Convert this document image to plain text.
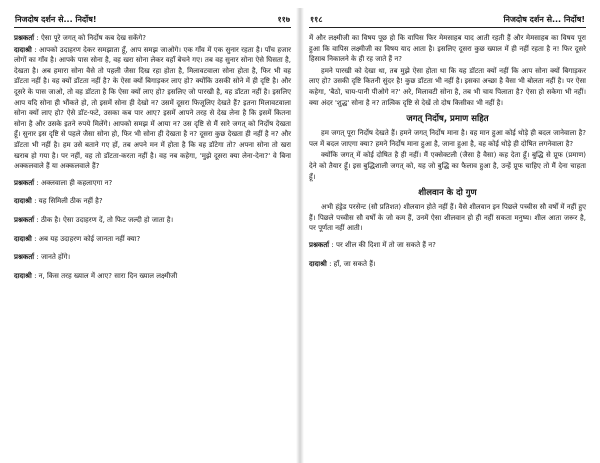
निजदोष दर्शन से... निर्दोष!	११७

प्रश्नकर्ता : ऐसा पूरे जगत् को निर्दोष कब देख सकेंगे?

दादाश्री : आपको उदाहरण देकर समझाता हूँ, आप समझ जाओगे। एक गाँव में एक सुनार रहता है। पाँच हजार लोगों का गाँव है। आपके पास सोना है, वह खरा सोना लेकर वहाँ बेचने गए। तब वह सुनार सोना ऐसे घिसता है, देखता है। अब हमारा सोना वैसे तो पहली जैसा दिख रहा होता है, मिलावटवाला सोना होता है, फिर भी वह डॉटता नहीं है। वह क्यों डॉटता नहीं है? के ऐसा क्यों बिगाड़कर लाए हो? क्योंकि उसकी सोने में ही दृष्टि है। और दूसरे के पास जाओ, तो वह डॉटता है कि ऐसा क्यों लाए हो? इसलिए जो पारखी है, वह डॉटता नहीं है। इसलिए आप यदि सोना ही भौंकते हो, तो इसमें सोना ही देखो न? उसमें दूसरा फिजूलिए देखते हैं? इतना मिलावटवाला सोना क्यों लाए हो? ऐसे डॉट-फटे, उसका कब पार आए? इसमें आपने तरह से देख लेना है कि इसमें कितना सोना है और उसके इतने रुपये मिलेंगे। आपको समझ में आया न? उस दृष्टि से मैं सारे जगत् को निर्दोष देखता हूँ। सुनार इस दृष्टि से पहले जैसा सोना हो, फिर भी सोना ही देखता है न? दूसरा कुछ देखता ही नहीं है न? और डॉटता भी नहीं है। हम उसे बताने गए हों, तब अपने मन में होता है कि वह डॉटेगा तो? अपना सोना तो खरा खराब हो गया है। पर नहीं, वह तो डॉटता-करता नहीं है। वह नब कहेगा, 'मुझे दूसरा क्या लेना-देना?' वे बिना अक्कलवाले हैं या अक्कलवाले हैं?

प्रश्नकर्ता : अक्लवाला ही कहलाएगा न?

दादाश्री : यह सिमिली ठीक नहीं है?

प्रश्नकर्ता : ठीक है। ऐसा उदाहरण दें, तो फिट जल्दी हो जाता है।

दादाश्री : अब यह उदाहरण कोई जानता नहीं क्या?

प्रश्नकर्ता : जानते होंगे।

दादाश्री : न, किस तरह ख्याल में आए? सारा दिन ख्याल लक्ष्मीजी

११८	निजदोष दर्शन से... निर्दोष!

में और लक्ष्मीजी का विषय पूछ हो कि वापिस फिर मेमसाहब याद आती रहती हैं और मेमसाहब का विषय पूरा हुआ कि वापिस लक्ष्मीजी का विषय याद आता है। इसलिए दूसरा कुछ ख्याल में ही नहीं रहता है न! फिर दूसरे हिसाब निकालने के ही रह जाते हैं न?

हमने पारखी को देखा था, तब मुझे ऐसा होता था कि यह डॉटता क्यों नहीं कि आप सोना क्यों बिगाड़कर लाए हो? उसकी दृष्टि कितनी सुंदर है! कुछ डॉटता भी नहीं है। इसका अच्छा है वैसा भी बोलता नहीं है। पर ऐसा कहेगा, 'बैठो, चाय-पानी पीओगे न?' अरे, मिलावटी सोना है, तब भी चाय पिलाता है? ऐसा हो सकेगा भी नहीं। क्या अंदर 'शुद्ध' सोना है न? तात्विक दृष्टि से देखें तो दोष किसीका भी नहीं है।

जगत् निर्दोष, प्रमाण सहित

हम जगत् पूरा निर्दोष देखते हैं। हमने जगत् निर्दोष माना है। वह मान हुआ कोई थोड़े ही बदल जानेवाला है? पल में बदल जाएगा क्या? हमने निर्दोष माना हुआ है, जाना हुआ है, वह कोई थोड़े ही दोषित लगनेवाला है?

क्योंकि जगत् में कोई दोषित है ही नहीं। मैं एक्सेक्टली (जैसा है वैसा) कह देता हूँ। बुद्धि से प्रूफ (प्रमाण) देने को तैयार हूँ। इस बुद्धिशाली जगत् को, यह जो बुद्धि का फैलाव हुआ है, उन्हें प्रूफ चाहिए तो मैं देना चाहता हूँ।

शीलवान के दो गुण

अभी हंड्रेड परसेन्ट (सौ प्रतिशत) शीलवान होते नहीं हैं। वैसे शीलवान इन पिछले पच्चीस सौ वर्षों में नहीं हुए हैं। पिछले पच्चीस सौ वर्षों के जो कम हैं, उनमें ऐसा शीलवान हो ही नहीं सकता मनुष्य। शील आता जरूर है, पर पूर्णता नहीं आती।

प्रश्नकर्ता : पर शील की दिशा में तो जा सकते हैं न?

दादाश्री : हाँ, जा सकते हैं।
